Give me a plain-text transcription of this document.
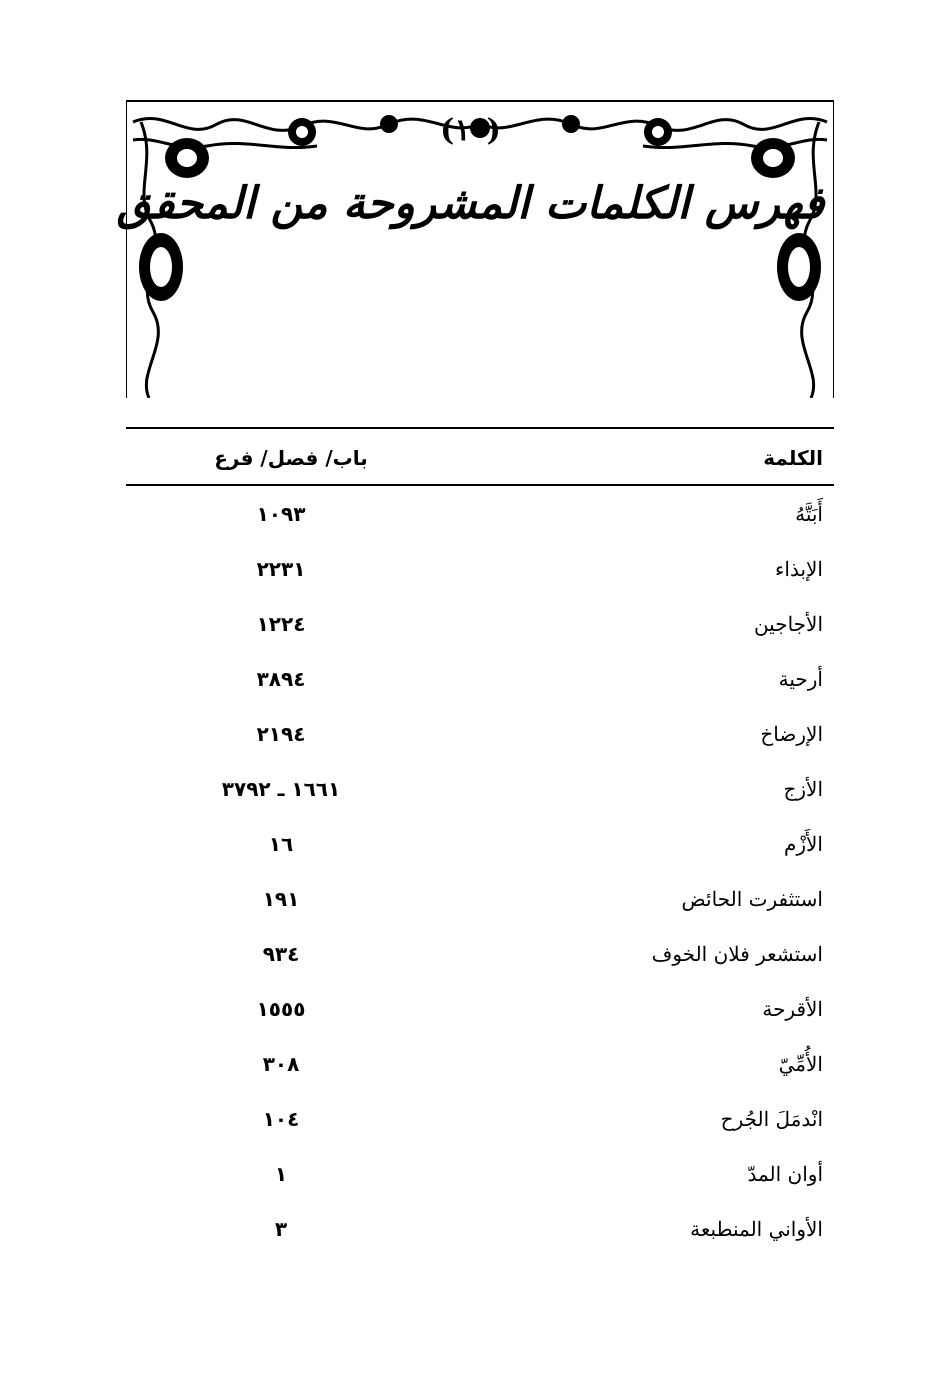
(١٠)
فهرس الكلمات المشروحة من المحقق
الكلمة
باب/ فصل/ فرع
أَبَتَّهُ
١٠٩٣
الإبذاء
٢٢٣١
الأجاجين
١٢٢٤
أرحية
٣٨٩٤
الإرضاخ
٢١٩٤
الأزج
١٦٦١ ـ ٣٧٩٢
الأَزْم
١٦
استثفرت الحائض
١٩١
استشعر فلان الخوف
٩٣٤
الأقرحة
١٥٥٥
الأُمِّيّ
٣٠٨
انْدمَلَ الجُرح
١٠٤
أوان المدّ
١
الأواني المنطبعة
٣
